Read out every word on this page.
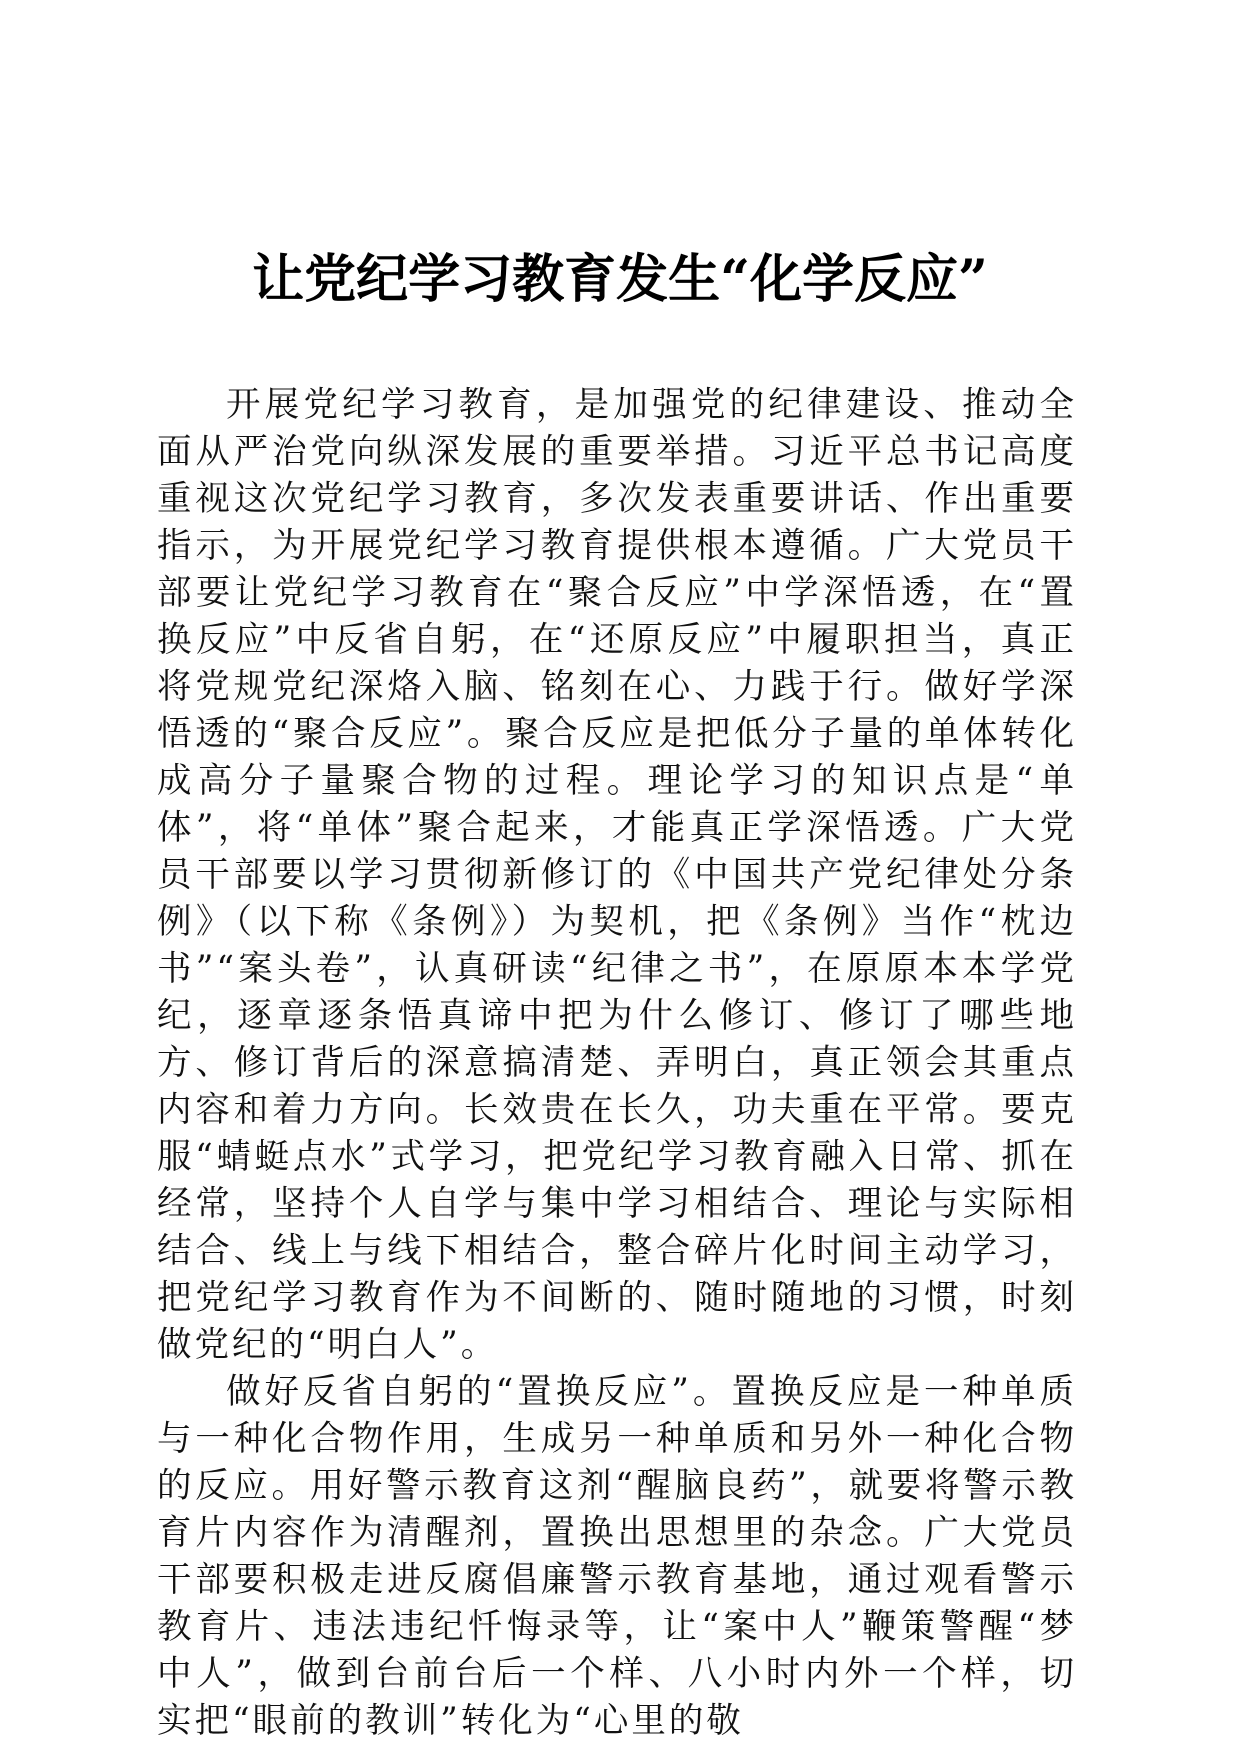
让党纪学习教育发生“化学反应”

开展党纪学习教育，是加强党的纪律建设、推动全面从严治党向纵深发展的重要举措。习近平总书记高度重视这次党纪学习教育，多次发表重要讲话、作出重要指示，为开展党纪学习教育提供根本遵循。广大党员干部要让党纪学习教育在“聚合反应”中学深悟透，在“置换反应”中反省自躬，在“还原反应”中履职担当，真正将党规党纪深烙入脑、铭刻在心、力践于行。做好学深悟透的“聚合反应”。聚合反应是把低分子量的单体转化成高分子量聚合物的过程。理论学习的知识点是“单体”，将“单体”聚合起来，才能真正学深悟透。广大党员干部要以学习贯彻新修订的《中国共产党纪律处分条例》（以下称《条例》）为契机，把《条例》当作“枕边书”“案头卷”，认真研读“纪律之书”，在原原本本学党纪，逐章逐条悟真谛中把为什么修订、修订了哪些地方、修订背后的深意搞清楚、弄明白，真正领会其重点内容和着力方向。长效贵在长久，功夫重在平常。要克服“蜻蜓点水”式学习，把党纪学习教育融入日常、抓在经常，坚持个人自学与集中学习相结合、理论与实际相结合、线上与线下相结合，整合碎片化时间主动学习，把党纪学习教育作为不间断的、随时随地的习惯，时刻做党纪的“明白人”。

做好反省自躬的“置换反应”。置换反应是一种单质与一种化合物作用，生成另一种单质和另外一种化合物的反应。用好警示教育这剂“醒脑良药”，就要将警示教育片内容作为清醒剂，置换出思想里的杂念。广大党员干部要积极走进反腐倡廉警示教育基地，通过观看警示教育片、违法违纪忏悔录等，让“案中人”鞭策警醒“梦中人”，做到台前台后一个样、八小时内外一个样，切实把“眼前的教训”转化为“心里的敬
